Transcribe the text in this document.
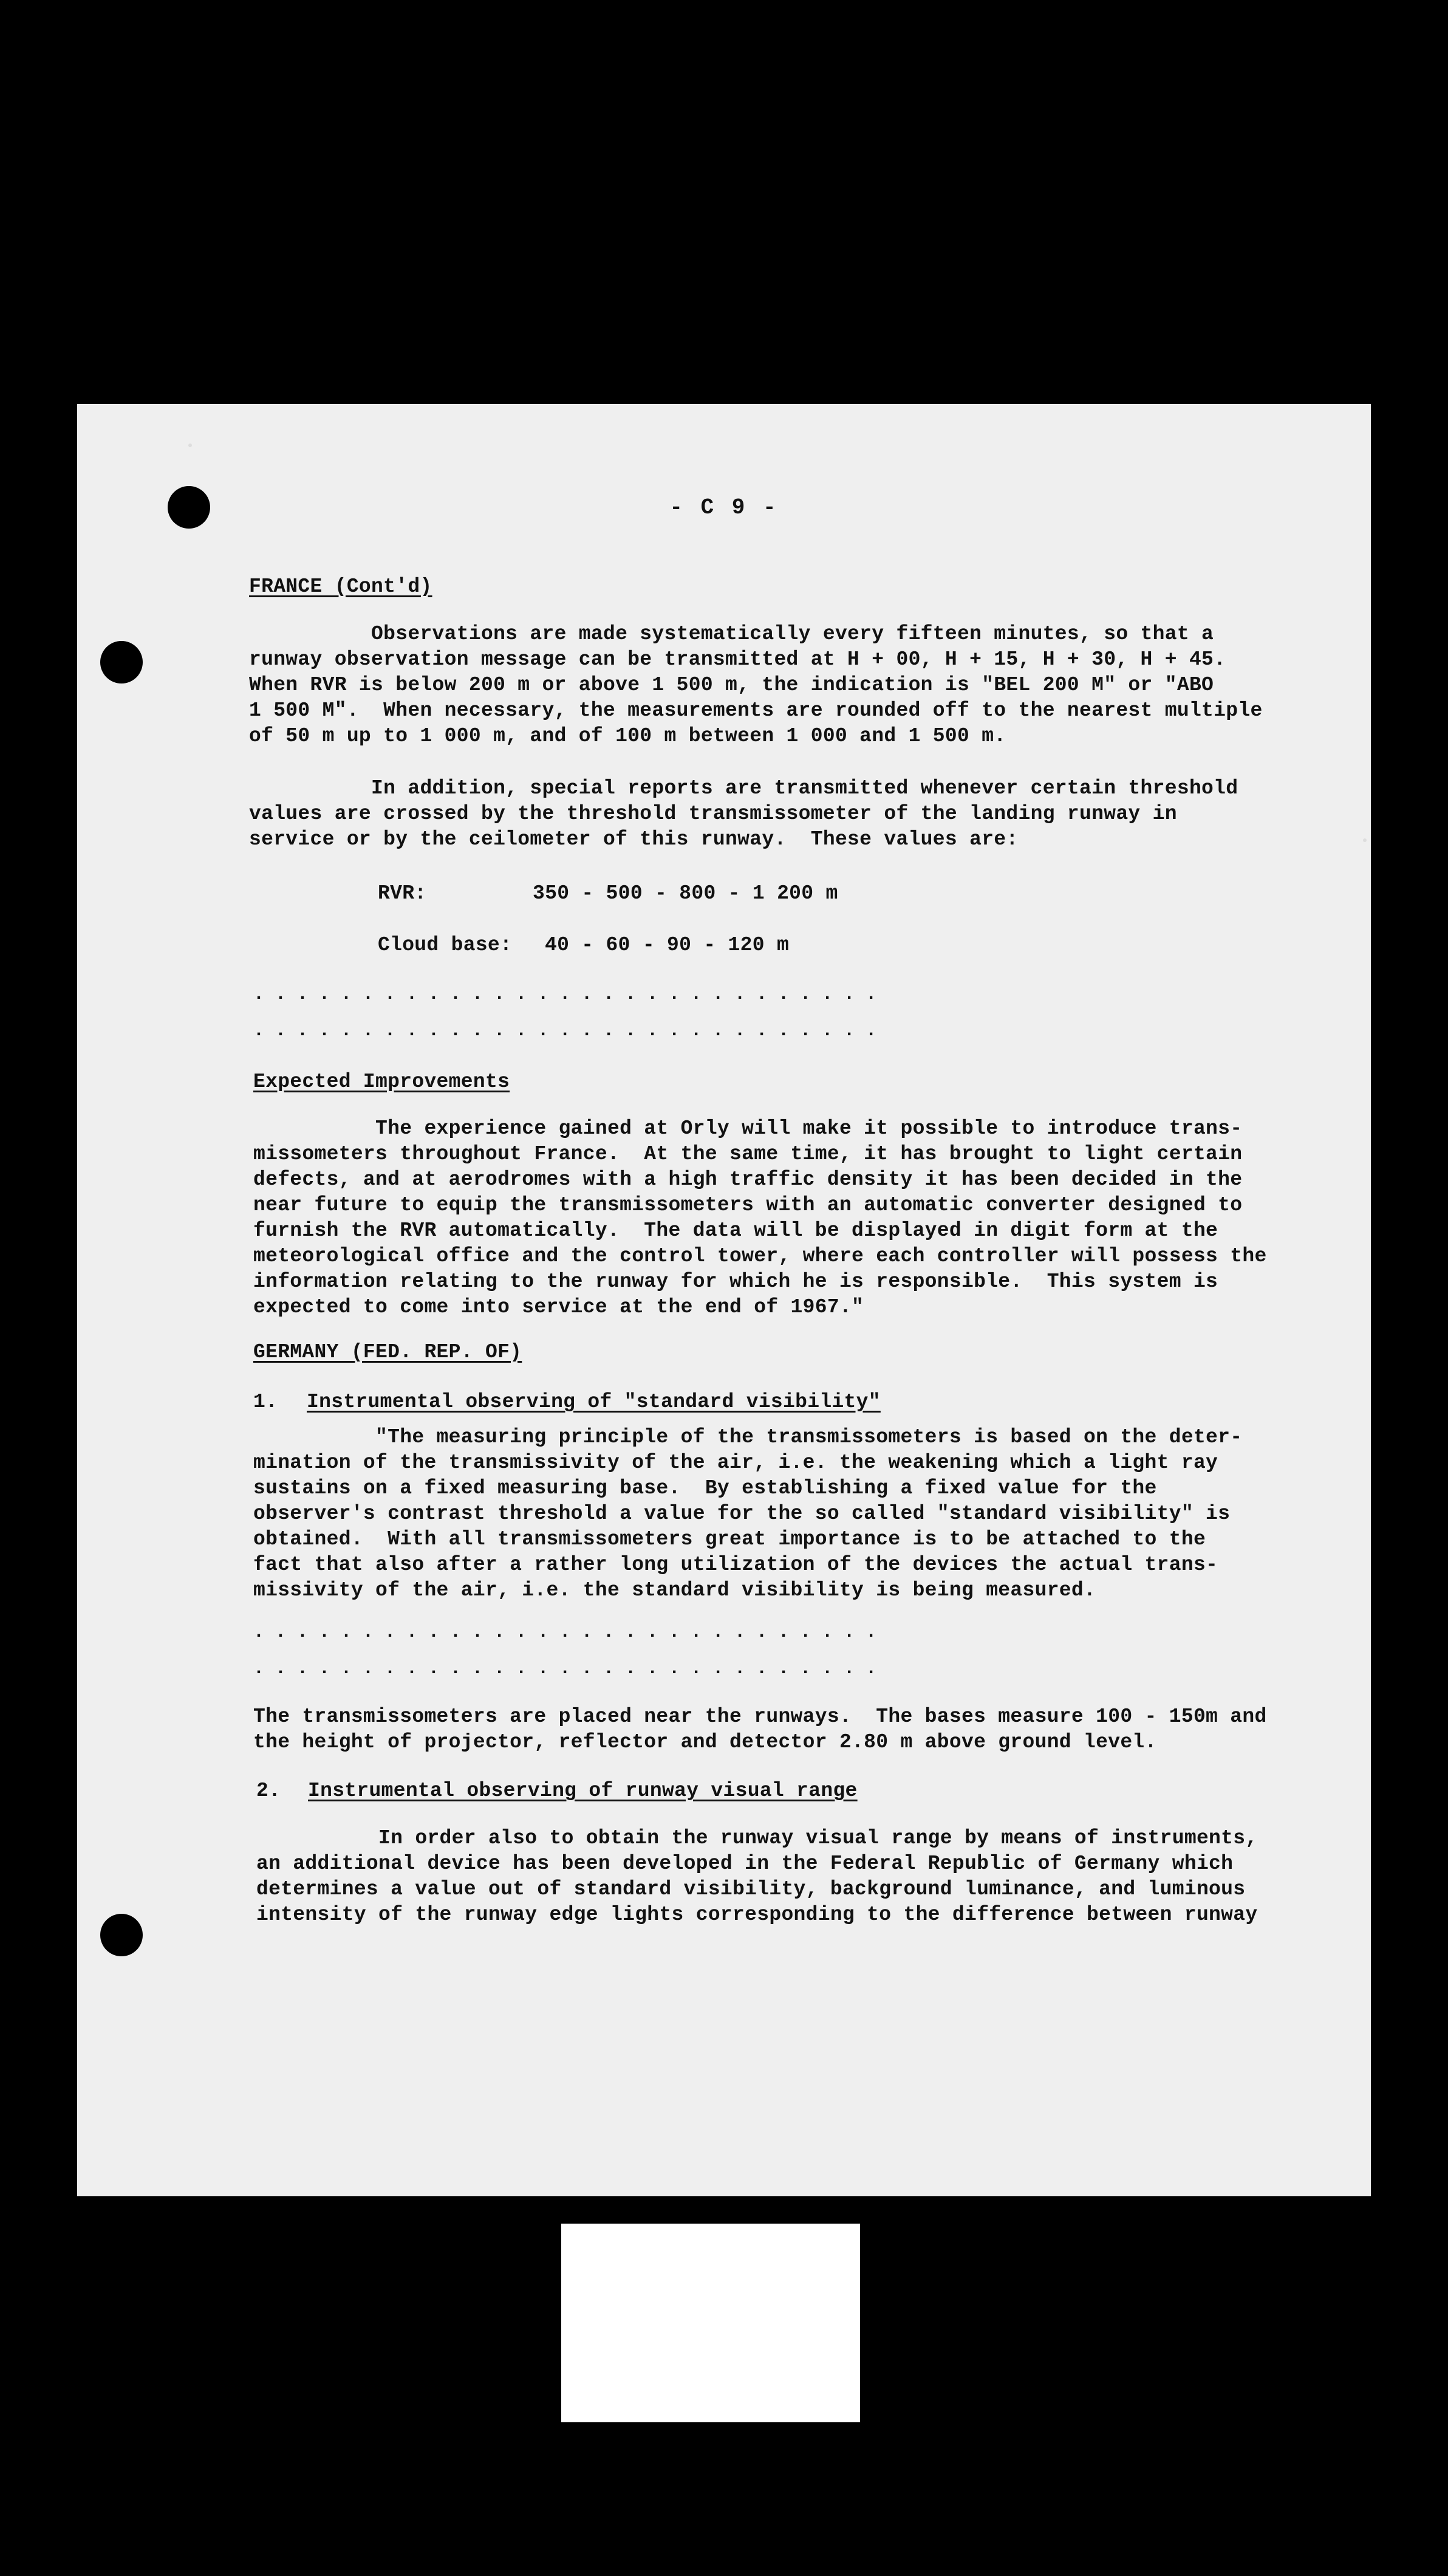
- C 9 -
FRANCE (Cont'd)
Observations are made systematically every fifteen minutes, so that a
runway observation message can be transmitted at H + 00, H + 15, H + 30, H + 45.
When RVR is below 200 m or above 1 500 m, the indication is "BEL 200 M" or "ABO
1 500 M".  When necessary, the measurements are rounded off to the nearest multiple
of 50 m up to 1 000 m, and of 100 m between 1 000 and 1 500 m.
In addition, special reports are transmitted whenever certain threshold
values are crossed by the threshold transmissometer of the landing runway in
service or by the ceilometer of this runway.  These values are:
RVR:	350 - 500 - 800 - 1 200 m
Cloud base: 40 - 60 - 90 - 120 m
. . . . . . . . . . . . . . . . . . . . . . . . . . . . .
. . . . . . . . . . . . . . . . . . . . . . . . . . . . .
Expected Improvements
The experience gained at Orly will make it possible to introduce trans-
missometers throughout France.  At the same time, it has brought to light certain
defects, and at aerodromes with a high traffic density it has been decided in the
near future to equip the transmissometers with an automatic converter designed to
furnish the RVR automatically.  The data will be displayed in digit form at the
meteorological office and the control tower, where each controller will possess the
information relating to the runway for which he is responsible.  This system is
expected to come into service at the end of 1967."
GERMANY (FED. REP. OF)
1. Instrumental observing of "standard visibility"
"The measuring principle of the transmissometers is based on the deter-
mination of the transmissivity of the air, i.e. the weakening which a light ray
sustains on a fixed measuring base.  By establishing a fixed value for the
observer's contrast threshold a value for the so called "standard visibility" is
obtained.  With all transmissometers great importance is to be attached to the
fact that also after a rather long utilization of the devices the actual trans-
missivity of the air, i.e. the standard visibility is being measured.
. . . . . . . . . . . . . . . . . . . . . . . . . . . . .
. . . . . . . . . . . . . . . . . . . . . . . . . . . . .
The transmissometers are placed near the runways.  The bases measure 100 - 150m and
the height of projector, reflector and detector 2.80 m above ground level.
2. Instrumental observing of runway visual range
In order also to obtain the runway visual range by means of instruments,
an additional device has been developed in the Federal Republic of Germany which
determines a value out of standard visibility, background luminance, and luminous
intensity of the runway edge lights corresponding to the difference between runway
